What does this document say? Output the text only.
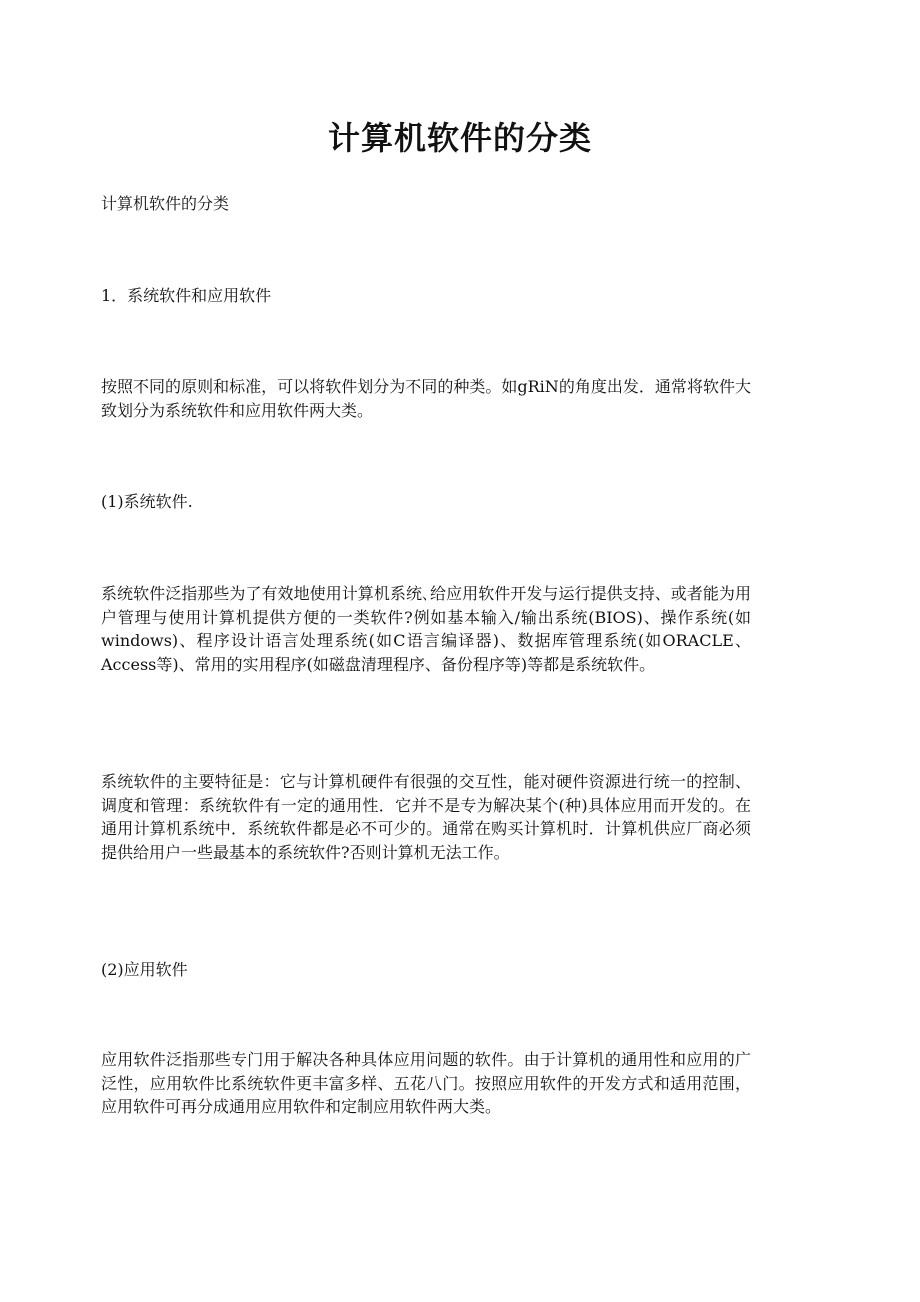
计算机软件的分类

计算机软件的分类

1．系统软件和应用软件

按照不同的原则和标准，可以将软件划分为不同的种类。如gRiN的角度出发．通常将软件大致划分为系统软件和应用软件两大类。

(1)系统软件.

系统软件泛指那些为了有效地使用计算机系统､给应用软件开发与运行提供支持、或者能为用户管理与使用计算机提供方便的一类软件?例如基本输入/输出系统(BIOS)、操作系统(如windows)、程序设计语言处理系统(如C语言编译器)、数据库管理系统(如ORACLE、Access等)、常用的实用程序(如磁盘清理程序、备份程序等)等都是系统软件。

系统软件的主要特征是：它与计算机硬件有很强的交互性，能对硬件资源进行统一的控制、调度和管理：系统软件有一定的通用性．它并不是专为解决某个(种)具体应用而开发的。在通用计算机系统中．系统软件都是必不可少的。通常在购买计算机时．计算机供应厂商必须提供给用户一些最基本的系统软件?否则计算机无法工作。

(2)应用软件

应用软件泛指那些专门用于解决各种具体应用问题的软件。由于计算机的通用性和应用的广泛性，应用软件比系统软件更丰富多样、五花八门。按照应用软件的开发方式和适用范围，应用软件可再分成通用应用软件和定制应用软件两大类。
